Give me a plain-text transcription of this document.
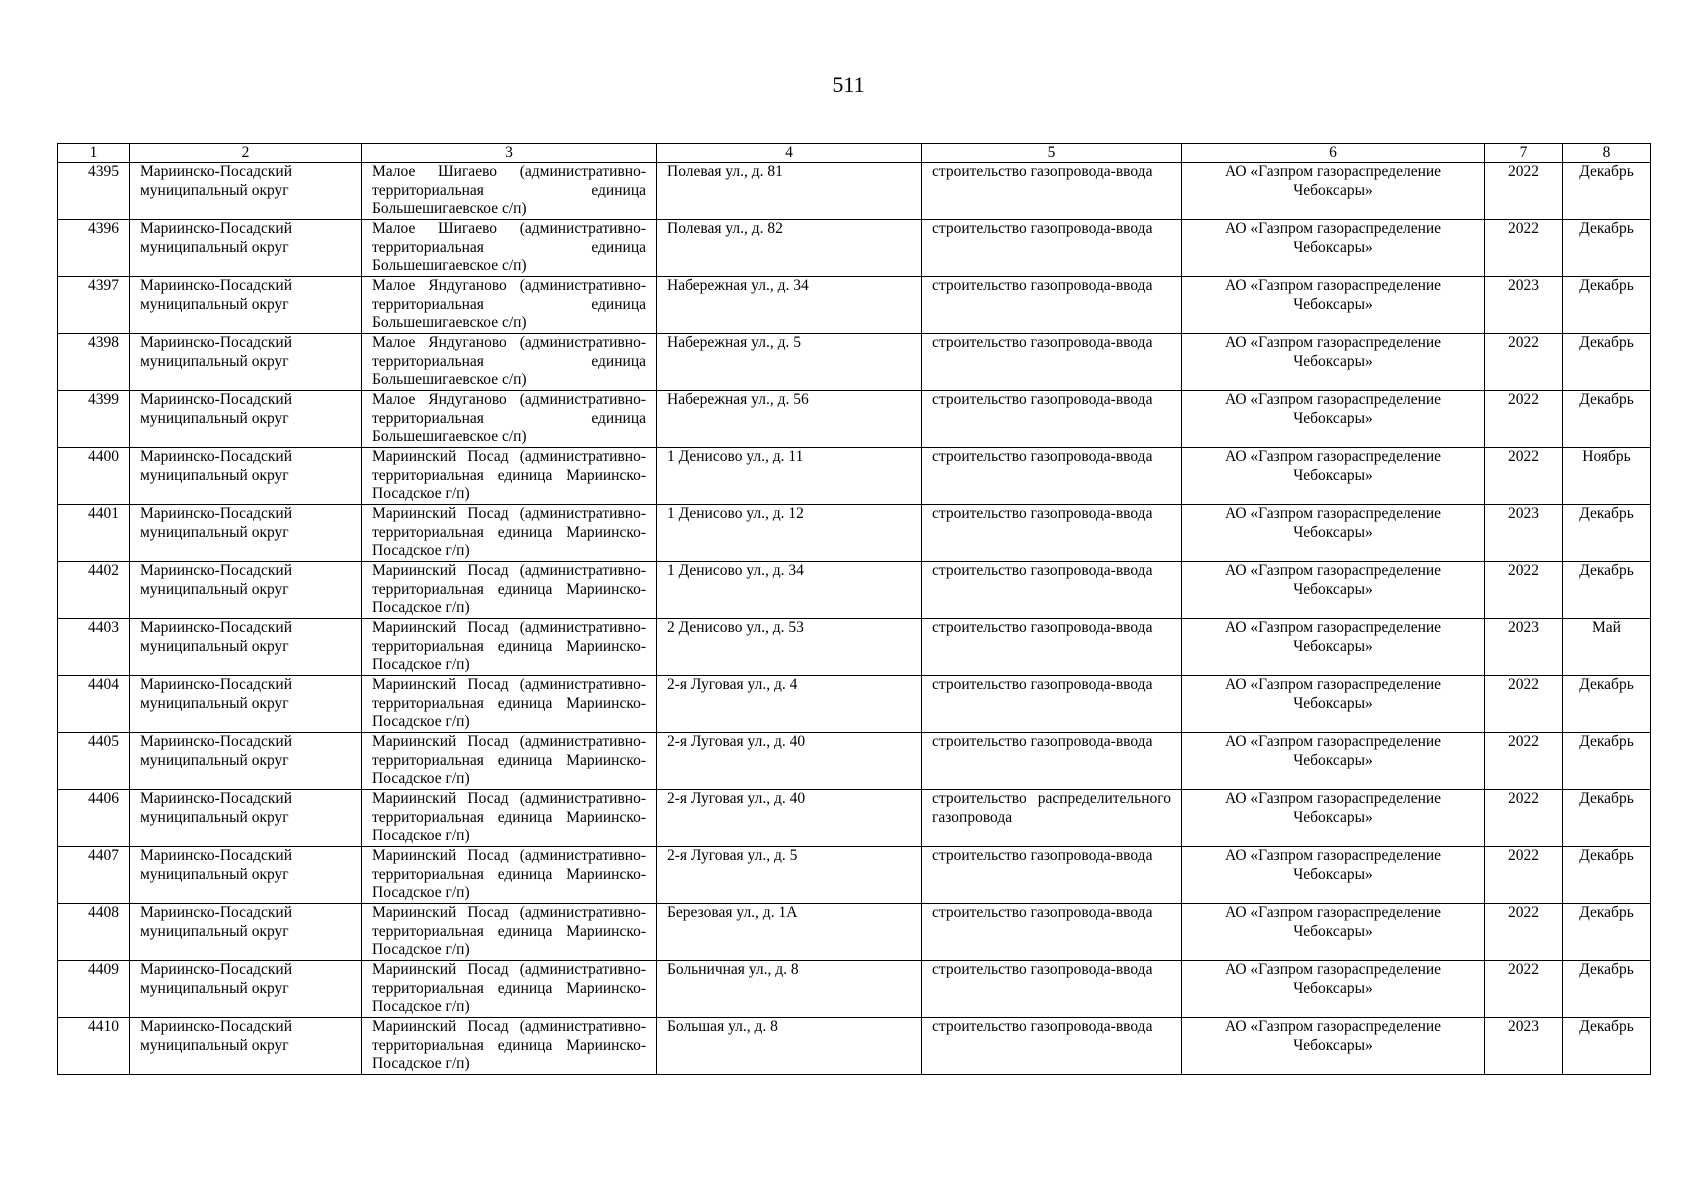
511
1	2	3	4	5	6	7	8
4395	Мариинско-Посадский муниципальный округ	Малое Шигаево (административно-территориальная единица Большешигаевское с/п)	Полевая ул., д. 81	строительство газопровода-ввода	АО «Газпром газораспределение Чебоксары»	2022	Декабрь
4396	Мариинско-Посадский муниципальный округ	Малое Шигаево (административно-территориальная единица Большешигаевское с/п)	Полевая ул., д. 82	строительство газопровода-ввода	АО «Газпром газораспределение Чебоксары»	2022	Декабрь
4397	Мариинско-Посадский муниципальный округ	Малое Яндуганово (административно-территориальная единица Большешигаевское с/п)	Набережная ул., д. 34	строительство газопровода-ввода	АО «Газпром газораспределение Чебоксары»	2023	Декабрь
4398	Мариинско-Посадский муниципальный округ	Малое Яндуганово (административно-территориальная единица Большешигаевское с/п)	Набережная ул., д. 5	строительство газопровода-ввода	АО «Газпром газораспределение Чебоксары»	2022	Декабрь
4399	Мариинско-Посадский муниципальный округ	Малое Яндуганово (административно-территориальная единица Большешигаевское с/п)	Набережная ул., д. 56	строительство газопровода-ввода	АО «Газпром газораспределение Чебоксары»	2022	Декабрь
4400	Мариинско-Посадский муниципальный округ	Мариинский Посад (административно-территориальная единица Мариинско-Посадское г/п)	1 Денисово ул., д. 11	строительство газопровода-ввода	АО «Газпром газораспределение Чебоксары»	2022	Ноябрь
4401	Мариинско-Посадский муниципальный округ	Мариинский Посад (административно-территориальная единица Мариинско-Посадское г/п)	1 Денисово ул., д. 12	строительство газопровода-ввода	АО «Газпром газораспределение Чебоксары»	2023	Декабрь
4402	Мариинско-Посадский муниципальный округ	Мариинский Посад (административно-территориальная единица Мариинско-Посадское г/п)	1 Денисово ул., д. 34	строительство газопровода-ввода	АО «Газпром газораспределение Чебоксары»	2022	Декабрь
4403	Мариинско-Посадский муниципальный округ	Мариинский Посад (административно-территориальная единица Мариинско-Посадское г/п)	2 Денисово ул., д. 53	строительство газопровода-ввода	АО «Газпром газораспределение Чебоксары»	2023	Май
4404	Мариинско-Посадский муниципальный округ	Мариинский Посад (административно-территориальная единица Мариинско-Посадское г/п)	2-я Луговая ул., д. 4	строительство газопровода-ввода	АО «Газпром газораспределение Чебоксары»	2022	Декабрь
4405	Мариинско-Посадский муниципальный округ	Мариинский Посад (административно-территориальная единица Мариинско-Посадское г/п)	2-я Луговая ул., д. 40	строительство газопровода-ввода	АО «Газпром газораспределение Чебоксары»	2022	Декабрь
4406	Мариинско-Посадский муниципальный округ	Мариинский Посад (административно-территориальная единица Мариинско-Посадское г/п)	2-я Луговая ул., д. 40	строительство распределительного газопровода	АО «Газпром газораспределение Чебоксары»	2022	Декабрь
4407	Мариинско-Посадский муниципальный округ	Мариинский Посад (административно-территориальная единица Мариинско-Посадское г/п)	2-я Луговая ул., д. 5	строительство газопровода-ввода	АО «Газпром газораспределение Чебоксары»	2022	Декабрь
4408	Мариинско-Посадский муниципальный округ	Мариинский Посад (административно-территориальная единица Мариинско-Посадское г/п)	Березовая ул., д. 1А	строительство газопровода-ввода	АО «Газпром газораспределение Чебоксары»	2022	Декабрь
4409	Мариинско-Посадский муниципальный округ	Мариинский Посад (административно-территориальная единица Мариинско-Посадское г/п)	Больничная ул., д. 8	строительство газопровода-ввода	АО «Газпром газораспределение Чебоксары»	2022	Декабрь
4410	Мариинско-Посадский муниципальный округ	Мариинский Посад (административно-территориальная единица Мариинско-Посадское г/п)	Большая ул., д. 8	строительство газопровода-ввода	АО «Газпром газораспределение Чебоксары»	2023	Декабрь
